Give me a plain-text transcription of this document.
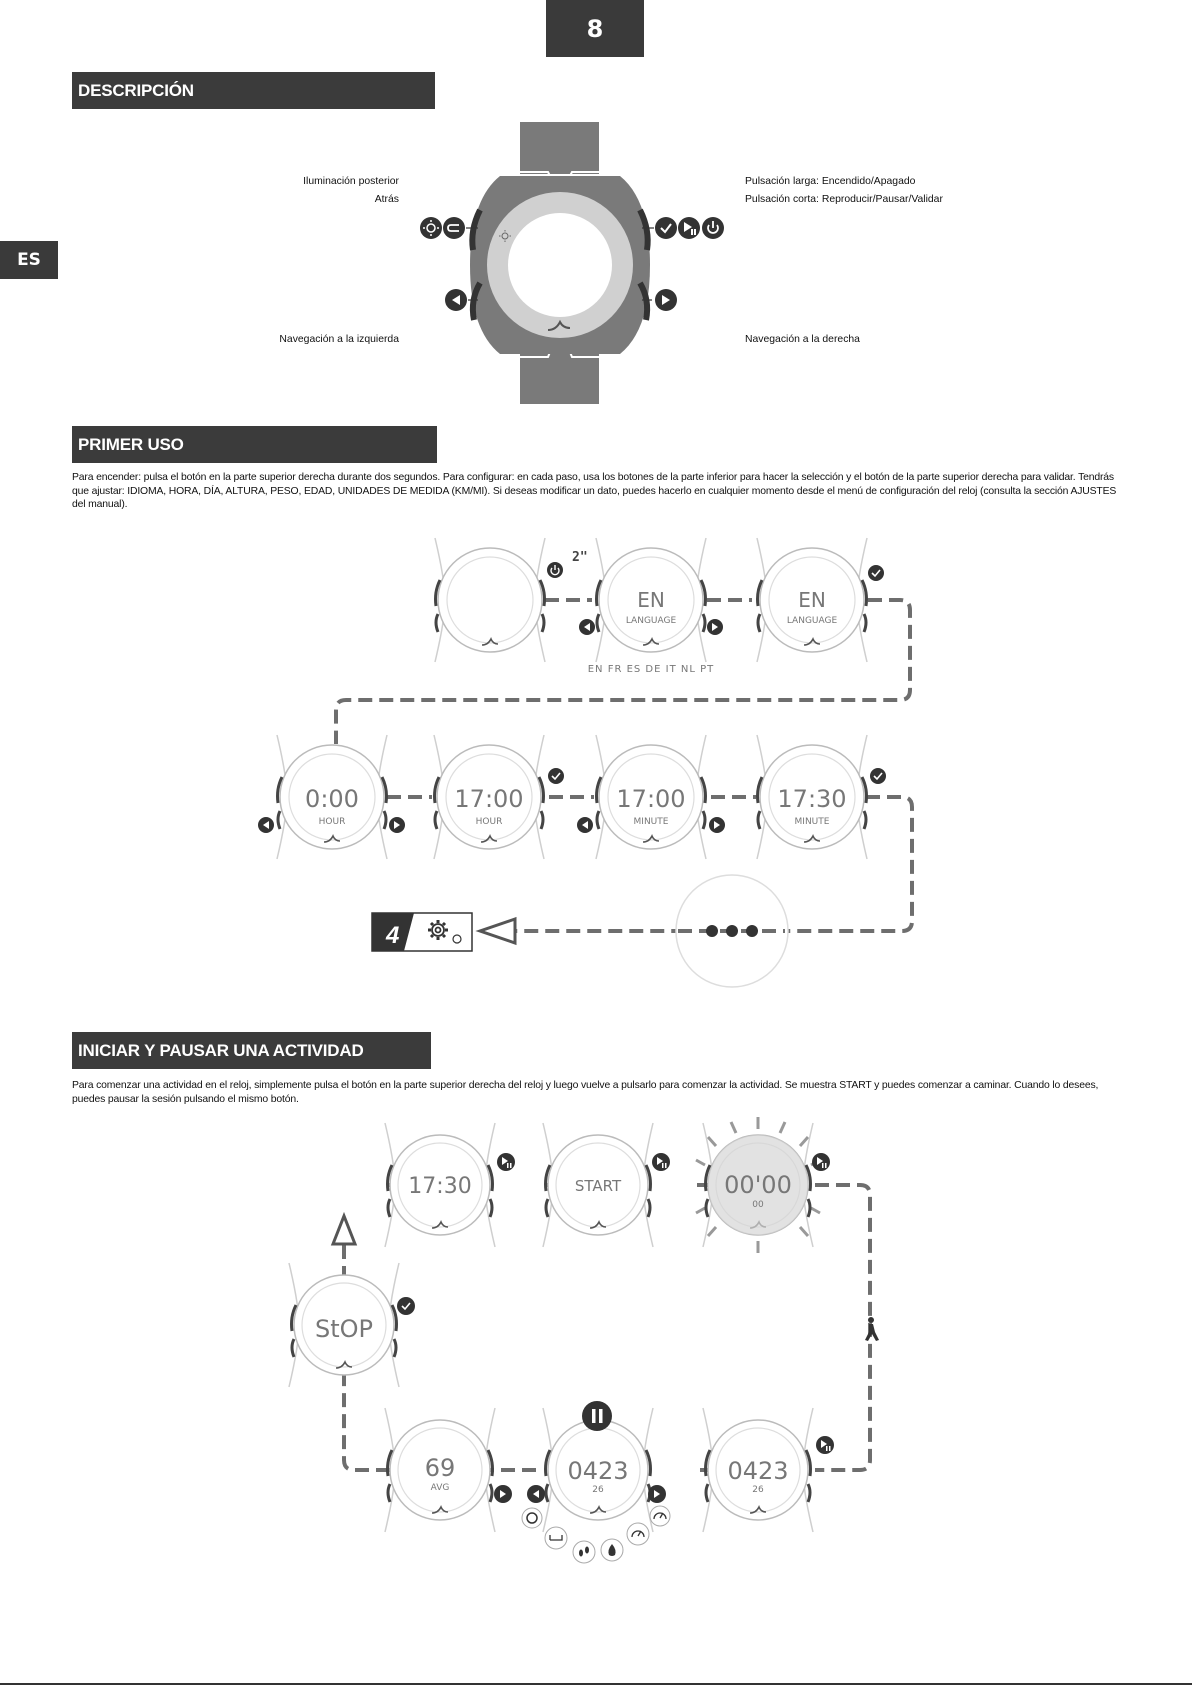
8
ES
DESCRIPCIÓN
PRIMER USO
INICIAR Y PAUSAR UNA ACTIVIDAD
Para encender: pulsa el botón en la parte superior derecha durante dos segundos. Para configurar: en cada paso, usa los botones de la parte inferior para hacer la selección y el botón de la parte superior derecha para validar. Tendrás que ajustar: IDIOMA, HORA, DÍA, ALTURA, PESO, EDAD, UNIDADES DE MEDIDA (KM/MI). Si deseas modificar un dato, puedes hacerlo en cualquier momento desde el menú de configuración del reloj (consulta la sección AJUSTES del manual).
Para comenzar una actividad en el reloj, simplemente pulsa el botón en la parte superior derecha del reloj y luego vuelve a pulsarlo para comenzar la actividad. Se muestra START y puedes comenzar a caminar. Cuando lo desees, puedes pausar la sesión pulsando el mismo botón.
Iluminación posterior
Atrás
Navegación a la izquierda
Pulsación larga: Encendido/Apagado
Pulsación corta: Reproducir/Pausar/Validar
Navegación a la derecha
2"
EN
LANGUAGE
EN
LANGUAGE
EN FR ES DE IT NL PT
0:00
HOUR
17:00
HOUR
17:00
MINUTE
17:30
MINUTE
4
17:30	START	00'00
00
StOP
69
AVG
0423
26
0423
26
